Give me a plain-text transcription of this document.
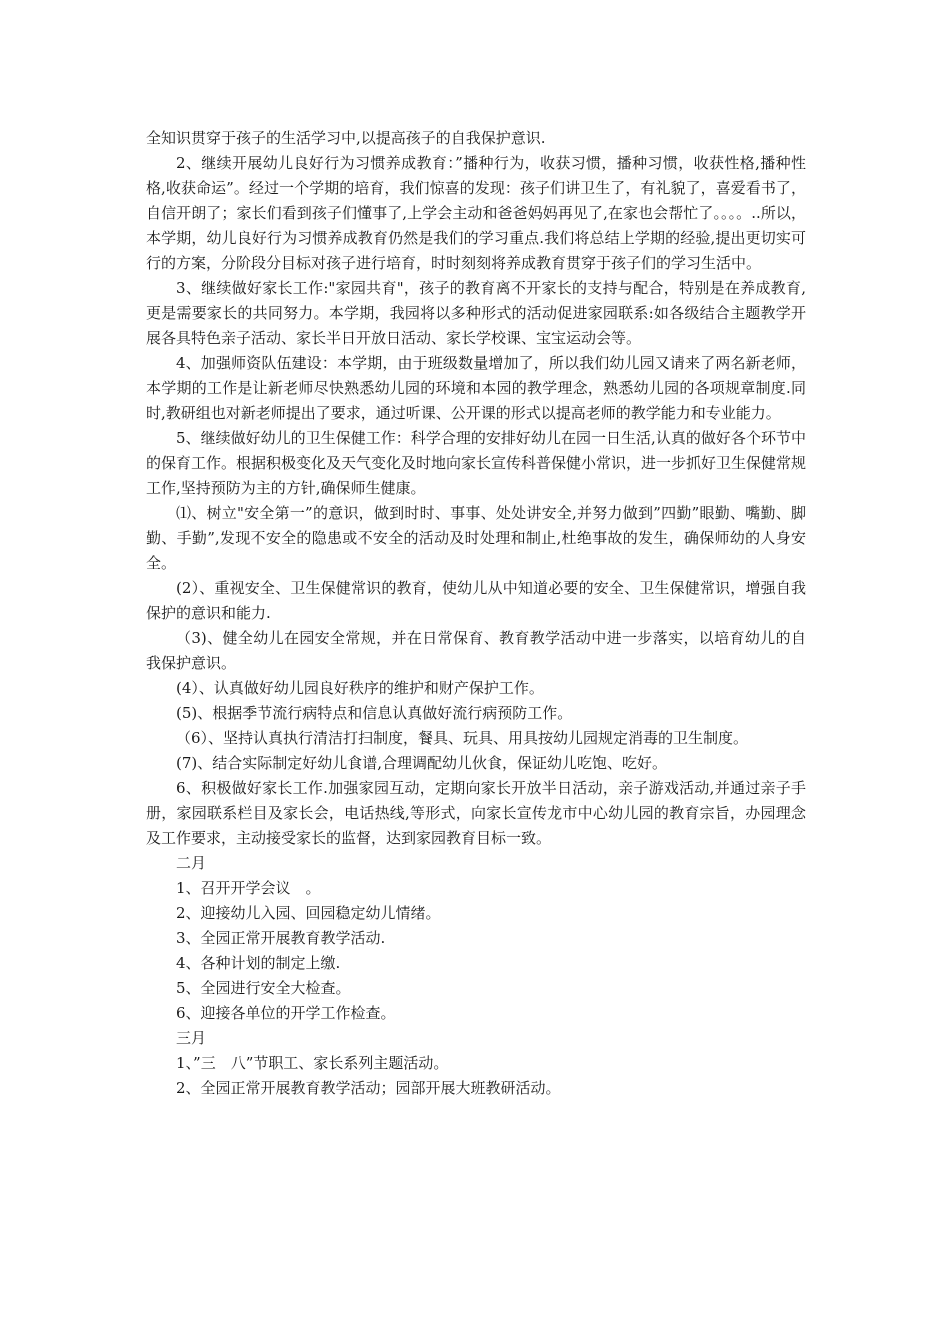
全知识贯穿于孩子的生活学习中,以提高孩子的自我保护意识.

2、继续开展幼儿良好行为习惯养成教育：”播种行为，收获习惯，播种习惯，收获性格,播种性格,收获命运”。经过一个学期的培育，我们惊喜的发现：孩子们讲卫生了，有礼貌了，喜爱看书了，自信开朗了；家长们看到孩子们懂事了,上学会主动和爸爸妈妈再见了,在家也会帮忙了。。。。..所以，本学期，幼儿良好行为习惯养成教育仍然是我们的学习重点.我们将总结上学期的经验,提出更切实可行的方案，分阶段分目标对孩子进行培育，时时刻刻将养成教育贯穿于孩子们的学习生活中。

3、继续做好家长工作:"家园共育"，孩子的教育离不开家长的支持与配合，特别是在养成教育,更是需要家长的共同努力。本学期，我园将以多种形式的活动促进家园联系:如各级结合主题教学开展各具特色亲子活动、家长半日开放日活动、家长学校课、宝宝运动会等。

4、加强师资队伍建设：本学期，由于班级数量增加了，所以我们幼儿园又请来了两名新老师，本学期的工作是让新老师尽快熟悉幼儿园的环境和本园的教学理念，熟悉幼儿园的各项规章制度.同时,教研组也对新老师提出了要求，通过听课、公开课的形式以提高老师的教学能力和专业能力。

5、继续做好幼儿的卫生保健工作：科学合理的安排好幼儿在园一日生活,认真的做好各个环节中的保育工作。根据积极变化及天气变化及时地向家长宣传科普保健小常识，进一步抓好卫生保健常规工作,坚持预防为主的方针,确保师生健康。

⑴、树立"安全第一”的意识，做到时时、事事、处处讲安全,并努力做到”四勤”眼勤、嘴勤、脚勤、手勤”,发现不安全的隐患或不安全的活动及时处理和制止,杜绝事故的发生，确保师幼的人身安全。

(2）、重视安全、卫生保健常识的教育，使幼儿从中知道必要的安全、卫生保健常识，增强自我保护的意识和能力.

（3)、健全幼儿在园安全常规，并在日常保育、教育教学活动中进一步落实，以培育幼儿的自我保护意识。

(4）、认真做好幼儿园良好秩序的维护和财产保护工作。

(5)、根据季节流行病特点和信息认真做好流行病预防工作。

（6）、坚持认真执行清洁打扫制度，餐具、玩具、用具按幼儿园规定消毒的卫生制度。

(7)、结合实际制定好幼儿食谱,合理调配幼儿伙食，保证幼儿吃饱、吃好。

6、积极做好家长工作.加强家园互动，定期向家长开放半日活动，亲子游戏活动,并通过亲子手册，家园联系栏目及家长会，电话热线,等形式，向家长宣传龙市中心幼儿园的教育宗旨，办园理念及工作要求，主动接受家长的监督，达到家园教育目标一致。

二月

1、召开开学会议　。

2、迎接幼儿入园、回园稳定幼儿情绪。

3、全园正常开展教育教学活动.

4、各种计划的制定上缴.

5、全园进行安全大检查。

6、迎接各单位的开学工作检查。

三月

1、”三　八”节职工、家长系列主题活动。

2、全园正常开展教育教学活动；园部开展大班教研活动。
